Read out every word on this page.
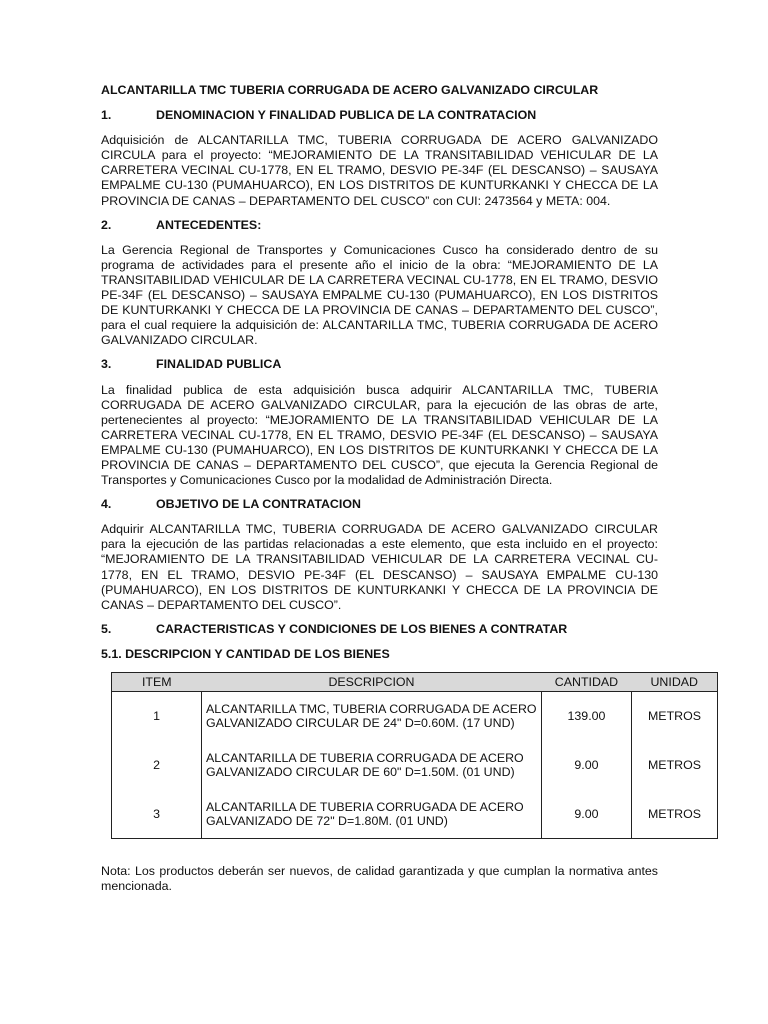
ALCANTARILLA TMC TUBERIA CORRUGADA DE ACERO GALVANIZADO CIRCULAR
1.	DENOMINACION Y FINALIDAD PUBLICA DE LA CONTRATACION
Adquisición de ALCANTARILLA TMC, TUBERIA CORRUGADA DE ACERO GALVANIZADO CIRCULA para el proyecto: “MEJORAMIENTO DE LA TRANSITABILIDAD VEHICULAR DE LA CARRETERA VECINAL CU-1778, EN EL TRAMO, DESVIO PE-34F (EL DESCANSO) – SAUSAYA EMPALME CU-130 (PUMAHUARCO), EN LOS DISTRITOS DE KUNTURKANKI Y CHECCA DE LA PROVINCIA DE CANAS – DEPARTAMENTO DEL CUSCO” con CUI: 2473564 y META: 004.
2.	ANTECEDENTES:
La Gerencia Regional de Transportes y Comunicaciones Cusco ha considerado dentro de su programa de actividades para el presente año el inicio de la obra: “MEJORAMIENTO DE LA TRANSITABILIDAD VEHICULAR DE LA CARRETERA VECINAL CU-1778, EN EL TRAMO, DESVIO PE-34F (EL DESCANSO) – SAUSAYA EMPALME CU-130 (PUMAHUARCO), EN LOS DISTRITOS DE KUNTURKANKI Y CHECCA DE LA PROVINCIA DE CANAS – DEPARTAMENTO DEL CUSCO”, para el cual requiere la adquisición de: ALCANTARILLA TMC, TUBERIA CORRUGADA DE ACERO GALVANIZADO CIRCULAR.
3.	FINALIDAD PUBLICA
La finalidad publica de esta adquisición busca adquirir ALCANTARILLA TMC, TUBERIA CORRUGADA DE ACERO GALVANIZADO CIRCULAR, para la ejecución de las obras de arte, pertenecientes al proyecto: “MEJORAMIENTO DE LA TRANSITABILIDAD VEHICULAR DE LA CARRETERA VECINAL CU-1778, EN EL TRAMO, DESVIO PE-34F (EL DESCANSO) – SAUSAYA EMPALME CU-130 (PUMAHUARCO), EN LOS DISTRITOS DE KUNTURKANKI Y CHECCA DE LA PROVINCIA DE CANAS – DEPARTAMENTO DEL CUSCO”, que ejecuta la Gerencia Regional de Transportes y Comunicaciones Cusco por la modalidad de Administración Directa.
4.	OBJETIVO DE LA CONTRATACION
Adquirir ALCANTARILLA TMC, TUBERIA CORRUGADA DE ACERO GALVANIZADO CIRCULAR para la ejecución de las partidas relacionadas a este elemento, que esta incluido en el proyecto: “MEJORAMIENTO DE LA TRANSITABILIDAD VEHICULAR DE LA CARRETERA VECINAL CU-1778, EN EL TRAMO, DESVIO PE-34F (EL DESCANSO) – SAUSAYA EMPALME CU-130 (PUMAHUARCO), EN LOS DISTRITOS DE KUNTURKANKI Y CHECCA DE LA PROVINCIA DE CANAS – DEPARTAMENTO DEL CUSCO”.
5.	CARACTERISTICAS Y CONDICIONES DE LOS BIENES A CONTRATAR
5.1. DESCRIPCION Y CANTIDAD DE LOS BIENES
ITEM	DESCRIPCION	CANTIDAD	UNIDAD
1	ALCANTARILLA TMC, TUBERIA CORRUGADA DE ACERO GALVANIZADO CIRCULAR DE 24" D=0.60M. (17 UND)	139.00	METROS
2	ALCANTARILLA DE TUBERIA CORRUGADA DE ACERO GALVANIZADO CIRCULAR DE 60" D=1.50M. (01 UND)	9.00	METROS
3	ALCANTARILLA DE TUBERIA CORRUGADA DE ACERO GALVANIZADO DE 72" D=1.80M. (01 UND)	9.00	METROS
Nota: Los productos deberán ser nuevos, de calidad garantizada y que cumplan la normativa antes mencionada.
